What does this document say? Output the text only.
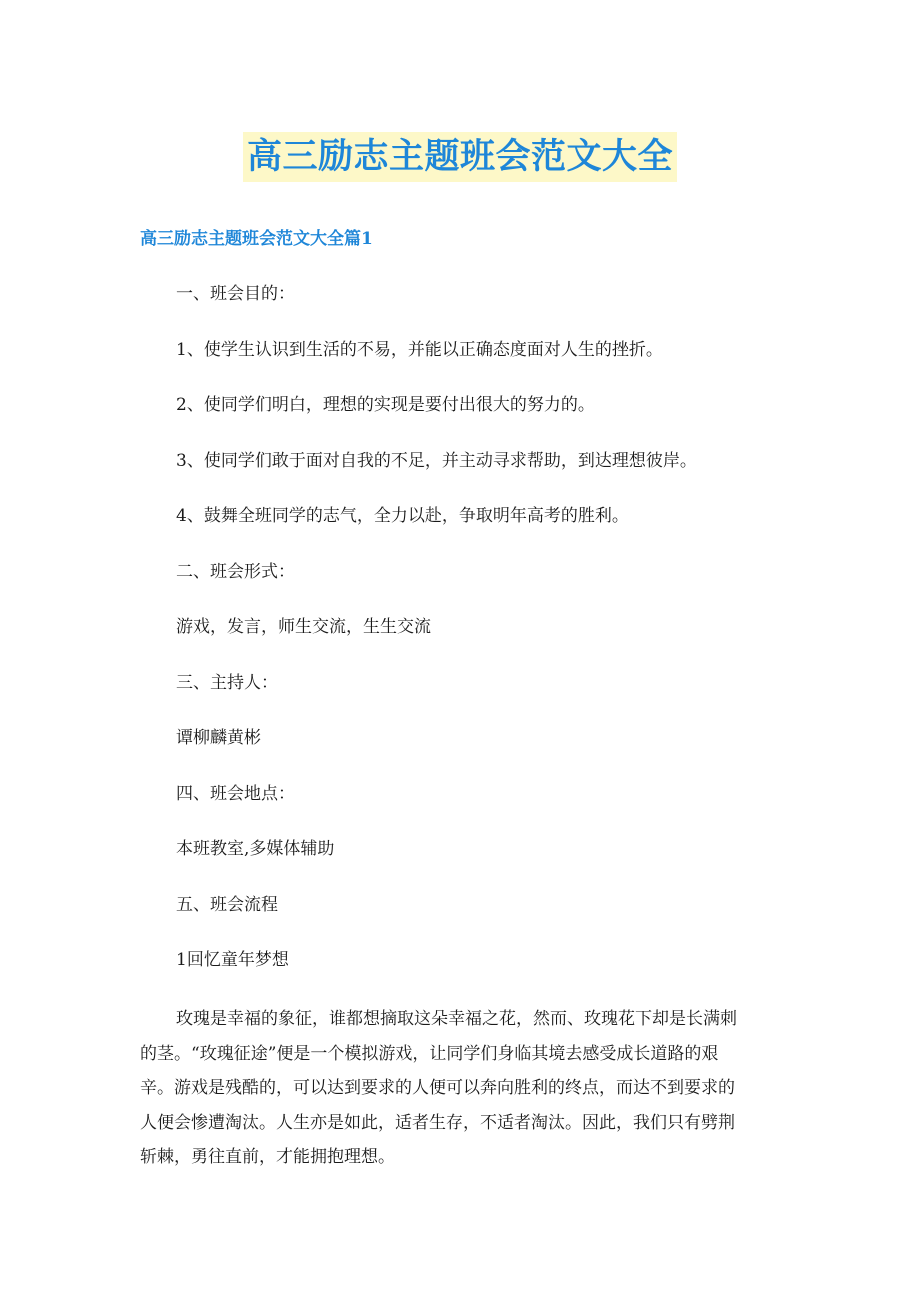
高三励志主题班会范文大全
高三励志主题班会范文大全篇1
一、班会目的：
1、使学生认识到生活的不易，并能以正确态度面对人生的挫折。
2、使同学们明白，理想的实现是要付出很大的努力的。
3、使同学们敢于面对自我的不足，并主动寻求帮助，到达理想彼岸。
4、鼓舞全班同学的志气，全力以赴，争取明年高考的胜利。
二、班会形式：
游戏，发言，师生交流，生生交流
三、主持人：
谭柳麟黄彬
四、班会地点：
本班教室,多媒体辅助
五、班会流程
1回忆童年梦想
玫瑰是幸福的象征，谁都想摘取这朵幸福之花，然而、玫瑰花下却是长满刺
的茎。“玫瑰征途”便是一个模拟游戏，让同学们身临其境去感受成长道路的艰
辛。游戏是残酷的，可以达到要求的人便可以奔向胜利的终点，而达不到要求的
人便会惨遭淘汰。人生亦是如此，适者生存，不适者淘汰。因此，我们只有劈荆
斩棘，勇往直前，才能拥抱理想。
